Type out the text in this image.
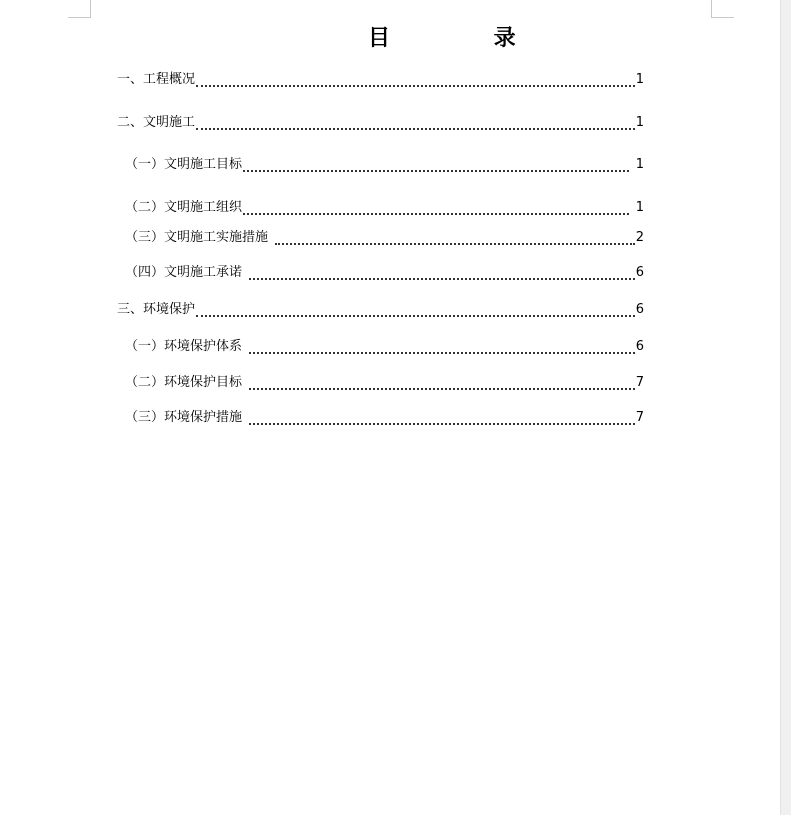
目 录
一、工程概况	1
二、文明施工	1
（一）文明施工目标	1
（二）文明施工组织	1
（三）文明施工实施措施	2
（四）文明施工承诺	6
三、环境保护	6
（一）环境保护体系	6
（二）环境保护目标	7
（三）环境保护措施	7
